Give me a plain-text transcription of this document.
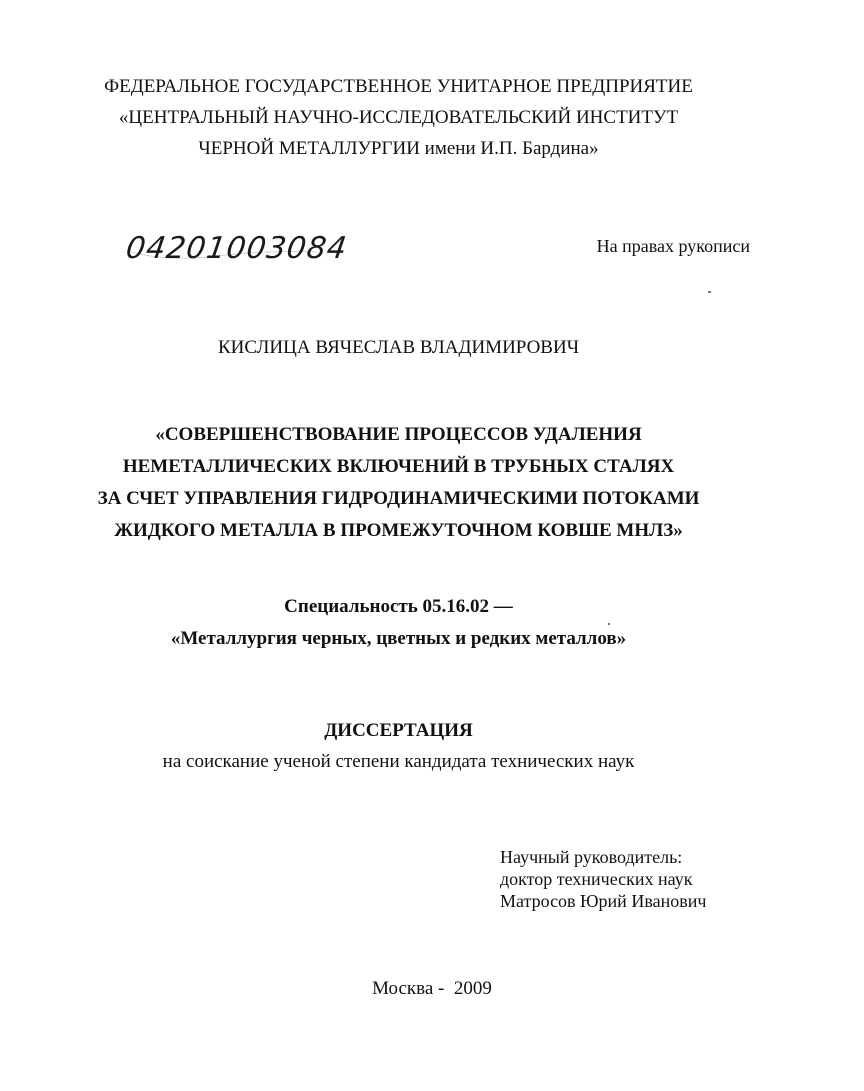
ФЕДЕРАЛЬНОЕ ГОСУДАРСТВЕННОЕ УНИТАРНОЕ ПРЕДПРИЯТИЕ
«ЦЕНТРАЛЬНЫЙ НАУЧНО-ИССЛЕДОВАТЕЛЬСКИЙ ИНСТИТУТ
ЧЕРНОЙ МЕТАЛЛУРГИИ имени И.П. Бардина»
04201003084	На правах рукописи
КИСЛИЦА ВЯЧЕСЛАВ ВЛАДИМИРОВИЧ
«СОВЕРШЕНСТВОВАНИЕ ПРОЦЕССОВ УДАЛЕНИЯ
НЕМЕТАЛЛИЧЕСКИХ ВКЛЮЧЕНИЙ В ТРУБНЫХ СТАЛЯХ
ЗА СЧЕТ УПРАВЛЕНИЯ ГИДРОДИНАМИЧЕСКИМИ ПОТОКАМИ
ЖИДКОГО МЕТАЛЛА В ПРОМЕЖУТОЧНОМ КОВШЕ МНЛЗ»
Специальность 05.16.02 —
«Металлургия черных, цветных и редких металлов»
ДИССЕРТАЦИЯ
на соискание ученой степени кандидата технических наук
Научный руководитель:
доктор технических наук
Матросов Юрий Иванович
Москва -  2009
